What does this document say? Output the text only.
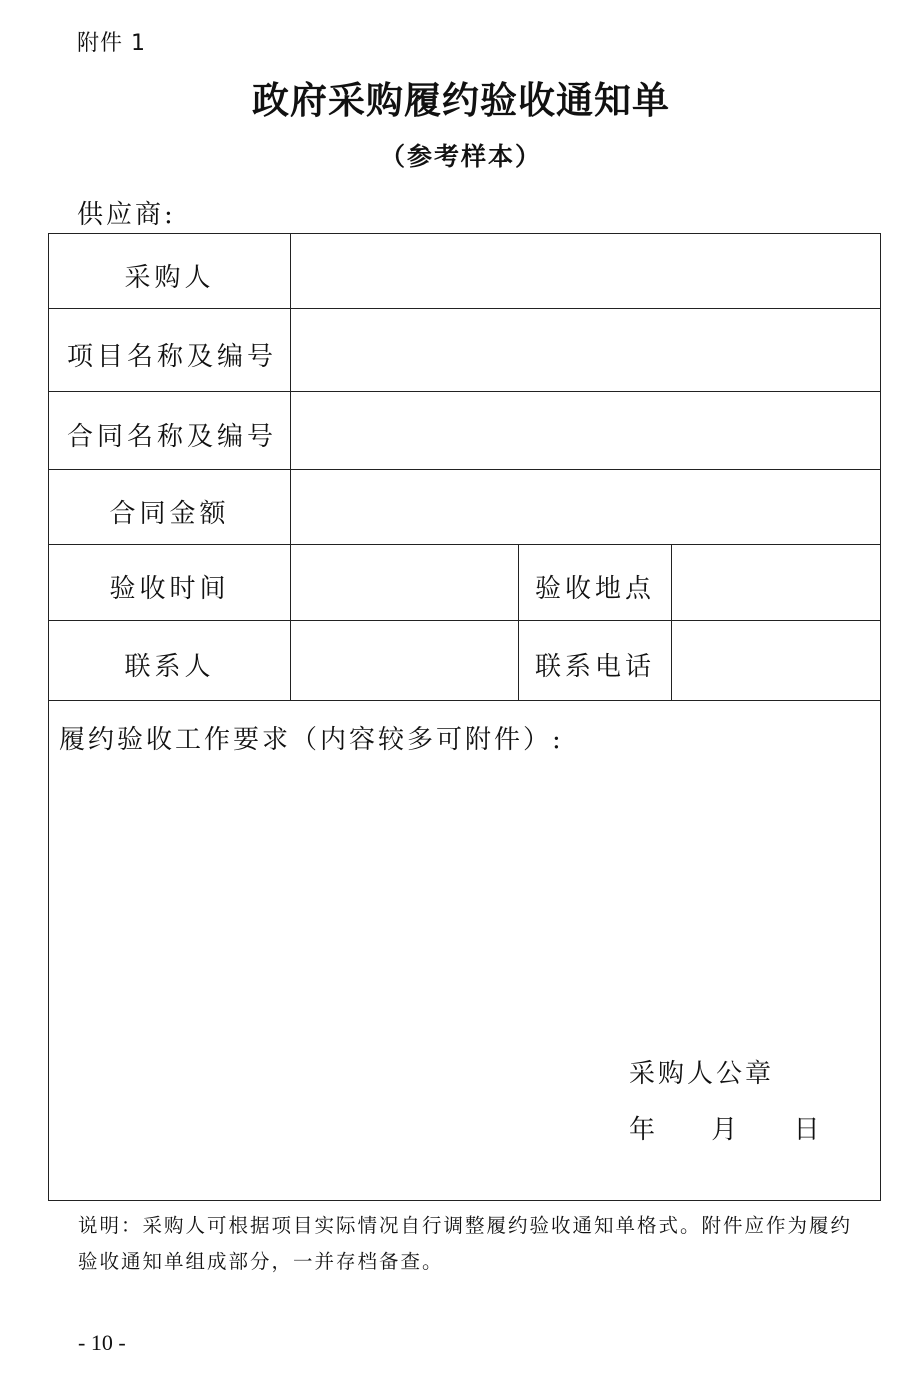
附件 1
政府采购履约验收通知单
（参考样本）
供应商:
采购人			
项目名称及编号			
合同名称及编号			
合同金额			
验收时间		验收地点	
联系人		联系电话	

履约验收工作要求（内容较多可附件）:
采购人公章
年 月 日			
说明：采购人可根据项目实际情况自行调整履约验收通知单格式。附件应作为履约验收通知单组成部分，一并存档备查。
- 10 -
